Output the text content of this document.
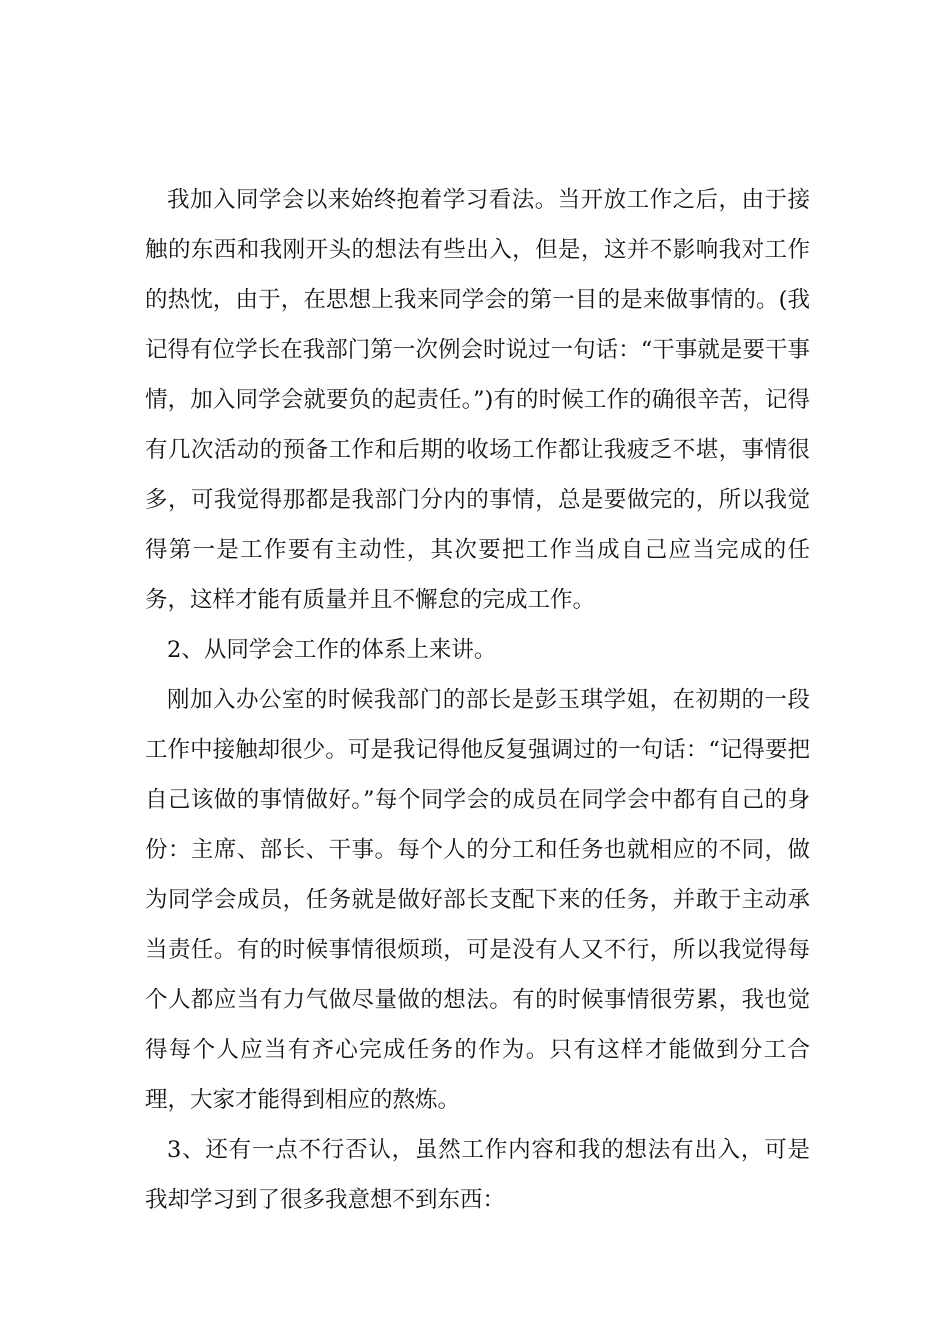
我加入同学会以来始终抱着学习看法。当开放工作之后，由于接触的东西和我刚开头的想法有些出入，但是，这并不影响我对工作的热忱，由于，在思想上我来同学会的第一目的是来做事情的。(我记得有位学长在我部门第一次例会时说过一句话：“干事就是要干事情，加入同学会就要负的起责任。”)有的时候工作的确很辛苦，记得有几次活动的预备工作和后期的收场工作都让我疲乏不堪，事情很多，可我觉得那都是我部门分内的事情，总是要做完的，所以我觉得第一是工作要有主动性，其次要把工作当成自己应当完成的任务，这样才能有质量并且不懈怠的完成工作。

2、从同学会工作的体系上来讲。

刚加入办公室的时候我部门的部长是彭玉琪学姐，在初期的一段工作中接触却很少。可是我记得他反复强调过的一句话：“记得要把自己该做的事情做好。”每个同学会的成员在同学会中都有自己的身份：主席、部长、干事。每个人的分工和任务也就相应的不同，做为同学会成员，任务就是做好部长支配下来的任务，并敢于主动承当责任。有的时候事情很烦琐，可是没有人又不行，所以我觉得每个人都应当有力气做尽量做的想法。有的时候事情很劳累，我也觉得每个人应当有齐心完成任务的作为。只有这样才能做到分工合理，大家才能得到相应的熬炼。

3、还有一点不行否认，虽然工作内容和我的想法有出入，可是我却学习到了很多我意想不到东西：
